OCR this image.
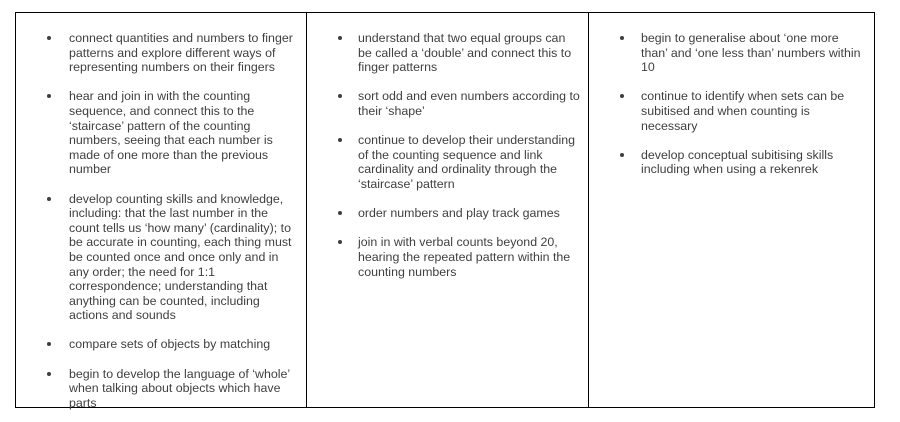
connect quantities and numbers to finger patterns and explore different ways of representing numbers on their fingers
hear and join in with the counting sequence, and connect this to the ‘staircase’ pattern of the counting numbers, seeing that each number is made of one more than the previous number
develop counting skills and knowledge, including: that the last number in the count tells us ‘how many’ (cardinality); to be accurate in counting, each thing must be counted once and once only and in any order; the need for 1:1 correspondence; understanding that anything can be counted, including actions and sounds
compare sets of objects by matching
begin to develop the language of ‘whole’ when talking about objects which have parts
understand that two equal groups can be called a ‘double’ and connect this to finger patterns
sort odd and even numbers according to their ‘shape’
continue to develop their understanding of the counting sequence and link cardinality and ordinality through the ‘staircase’ pattern
order numbers and play track games
join in with verbal counts beyond 20, hearing the repeated pattern within the counting numbers
begin to generalise about ‘one more than’ and ‘one less than’ numbers within 10
continue to identify when sets can be subitised and when counting is necessary
develop conceptual subitising skills including when using a rekenrek
